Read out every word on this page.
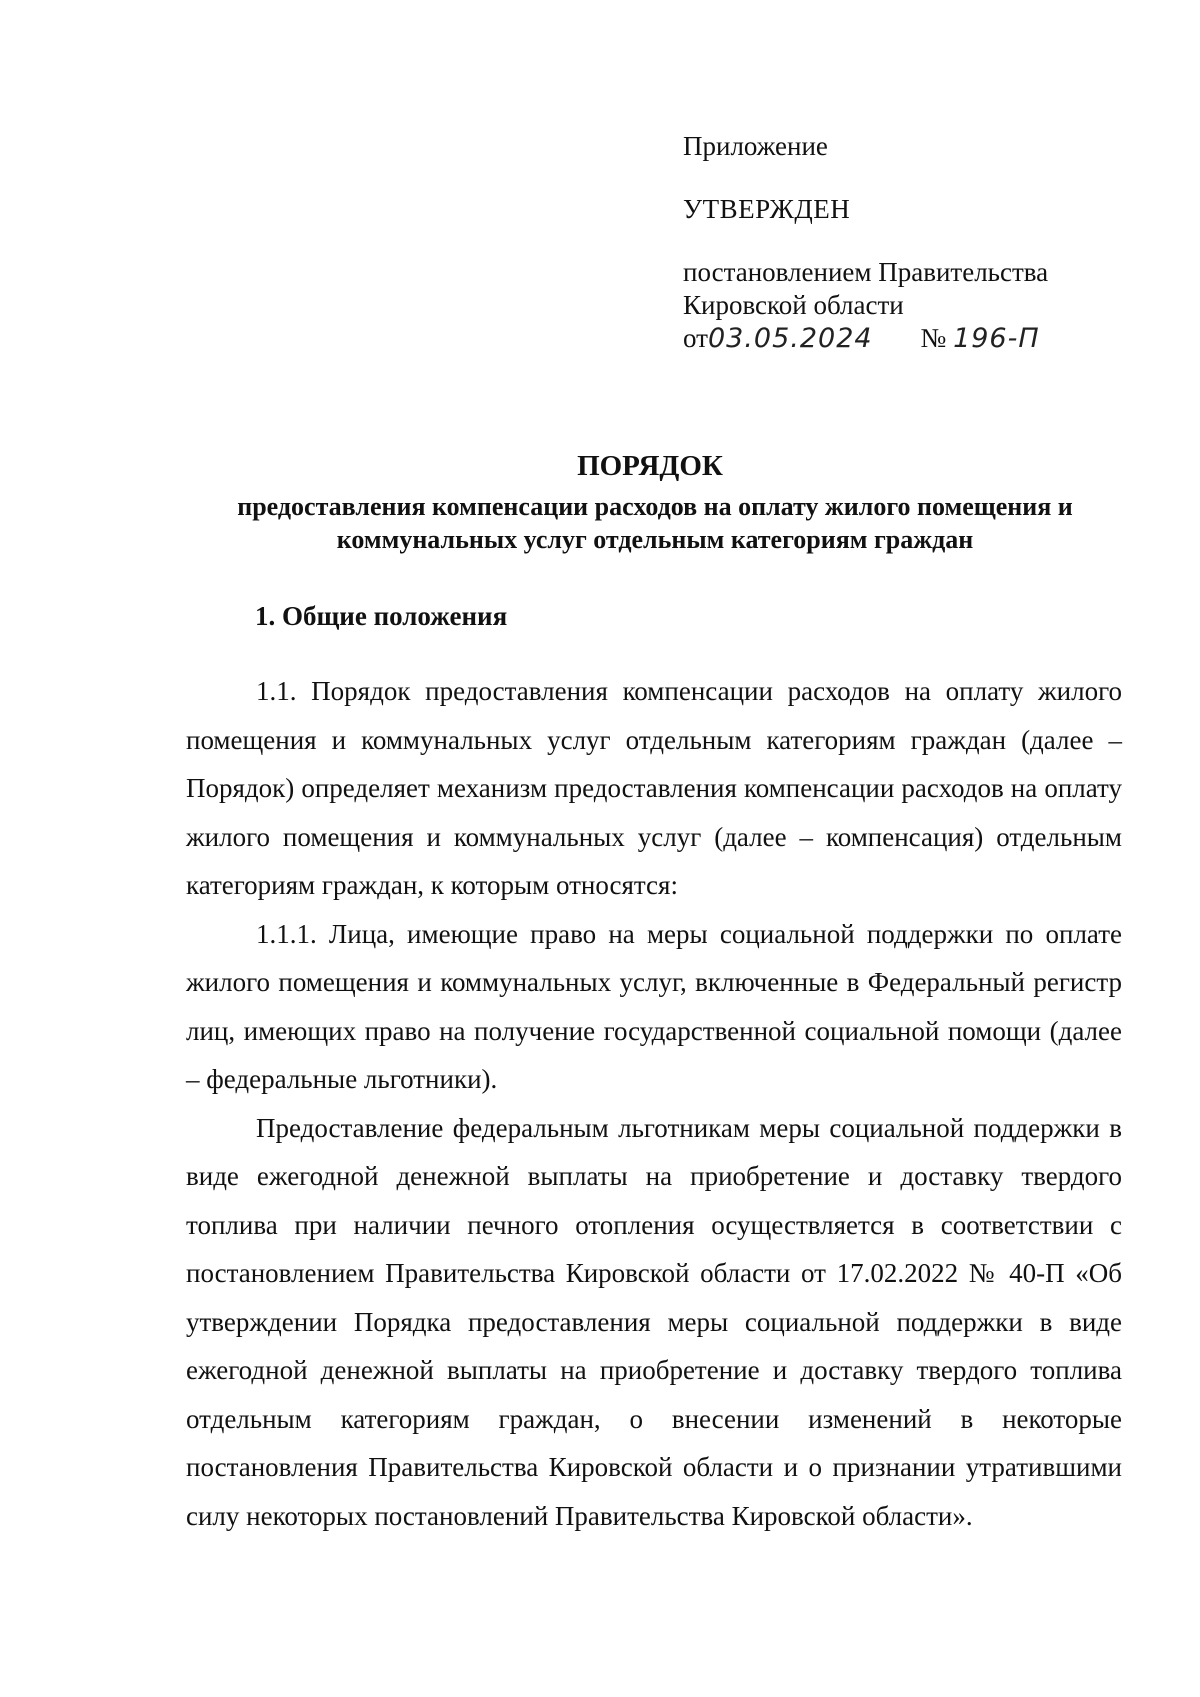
Приложение
УТВЕРЖДЕН
постановлением Правительства
Кировской области
от03.05.2024 № 196-П
ПОРЯДОК
предоставления компенсации расходов на оплату жилого помещения и коммунальных услуг отдельным категориям граждан
1. Общие положения

1.1. Порядок предоставления компенсации расходов на оплату жилого помещения и коммунальных услуг отдельным категориям граждан (далее – Порядок) определяет механизм предоставления компенсации расходов на оплату жилого помещения и коммунальных услуг (далее – компенсация) отдельным категориям граждан, к которым относятся:

1.1.1. Лица, имеющие право на меры социальной поддержки по оплате жилого помещения и коммунальных услуг, включенные в Федеральный регистр лиц, имеющих право на получение государственной социальной помощи (далее – федеральные льготники).

Предоставление федеральным льготникам меры социальной поддержки в виде ежегодной денежной выплаты на приобретение и доставку твердого топлива при наличии печного отопления осуществляется в соответствии с постановлением Правительства Кировской области от 17.02.2022 № 40-П «Об утверждении Порядка предоставления меры социальной поддержки в виде ежегодной денежной выплаты на приобретение и доставку твердого топлива отдельным категориям граждан, о внесении изменений в некоторые постановления Правительства Кировской области и о признании утратившими силу некоторых постановлений Правительства Кировской области».
